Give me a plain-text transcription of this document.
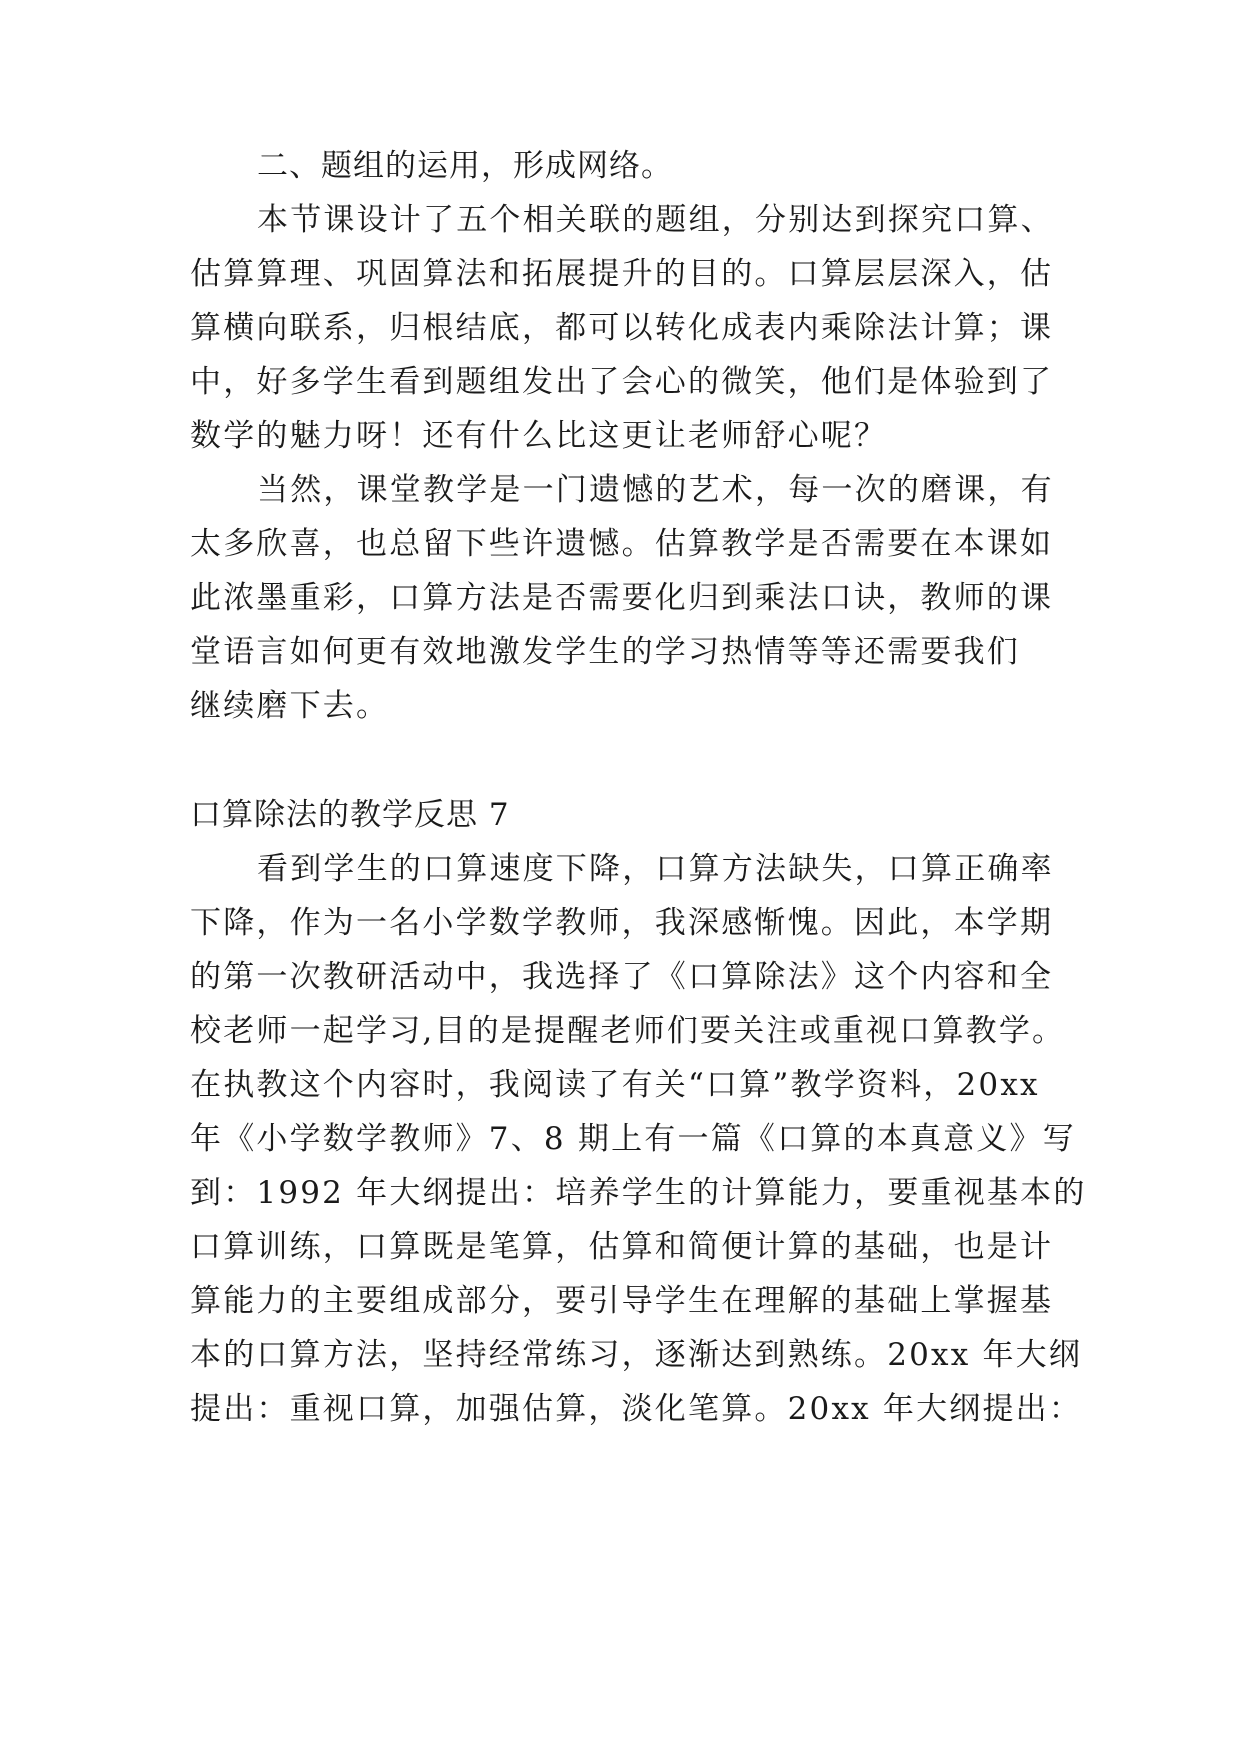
二、题组的运用，形成网络。
本节课设计了五个相关联的题组，分别达到探究口算、
估算算理、巩固算法和拓展提升的目的。口算层层深入，估
算横向联系，归根结底，都可以转化成表内乘除法计算；课
中，好多学生看到题组发出了会心的微笑，他们是体验到了
数学的魅力呀！还有什么比这更让老师舒心呢？
当然，课堂教学是一门遗憾的艺术，每一次的磨课，有
太多欣喜，也总留下些许遗憾。估算教学是否需要在本课如
此浓墨重彩，口算方法是否需要化归到乘法口诀，教师的课
堂语言如何更有效地激发学生的学习热情等等还需要我们
继续磨下去。
口算除法的教学反思 7
看到学生的口算速度下降，口算方法缺失，口算正确率
下降，作为一名小学数学教师，我深感惭愧。因此，本学期
的第一次教研活动中，我选择了《口算除法》这个内容和全
校老师一起学习,目的是提醒老师们要关注或重视口算教学。
在执教这个内容时，我阅读了有关“口算”教学资料，20xx
年《小学数学教师》7、8 期上有一篇《口算的本真意义》写
到：1992 年大纲提出：培养学生的计算能力，要重视基本的
口算训练，口算既是笔算，估算和简便计算的基础，也是计
算能力的主要组成部分，要引导学生在理解的基础上掌握基
本的口算方法，坚持经常练习，逐渐达到熟练。20xx 年大纲
提出：重视口算，加强估算，淡化笔算。20xx 年大纲提出：
